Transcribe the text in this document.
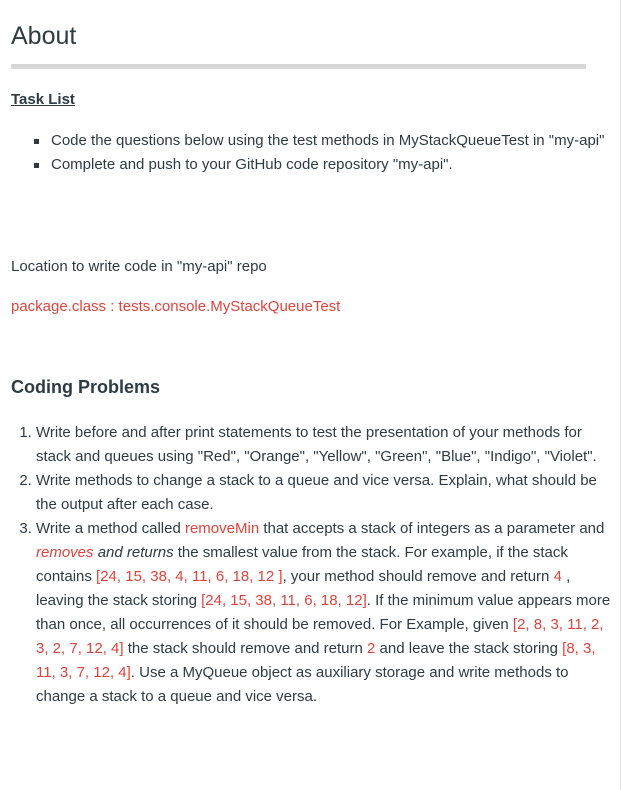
About
Task List
Code the questions below using the test methods in MyStackQueueTest in "my-api"
Complete and push to your GitHub code repository "my-api".
Location to write code in "my-api" repo
package.class : tests.console.MyStackQueueTest
Coding Problems
1. Write before and after print statements to test the presentation of your methods for stack and queues using "Red", "Orange", "Yellow", "Green", "Blue", "Indigo", "Violet".
2. Write methods to change a stack to a queue and vice versa. Explain, what should be the output after each case.
3. Write a method called removeMin that accepts a stack of integers as a parameter and removes and returns the smallest value from the stack. For example, if the stack contains [24, 15, 38, 4, 11, 6, 18, 12 ], your method should remove and return 4 , leaving the stack storing [24, 15, 38, 11, 6, 18, 12]. If the minimum value appears more than once, all occurrences of it should be removed. For Example, given [2, 8, 3, 11, 2, 3, 2, 7, 12, 4] the stack should remove and return 2 and leave the stack storing [8, 3, 11, 3, 7, 12, 4]. Use a MyQueue object as auxiliary storage and write methods to change a stack to a queue and vice versa.
